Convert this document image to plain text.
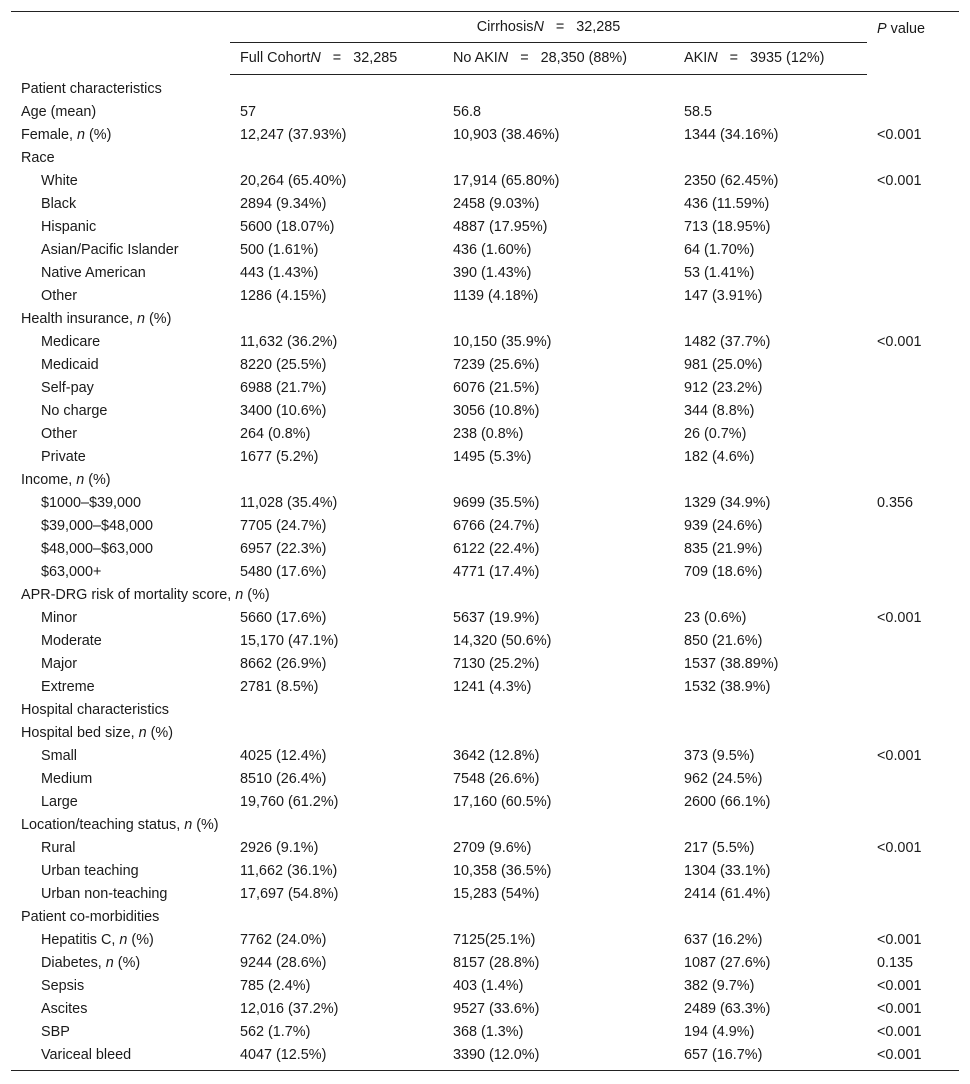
	CirrhosisN = 32,285			P value
	Full CohortN = 32,285	No AKIN = 28,350 (88%)	AKIN = 3935 (12%)	
Patient characteristics				
Age (mean)	57	56.8	58.5	
Female, n (%)	12,247 (37.93%)	10,903 (38.46%)	1344 (34.16%)	<0.001
Race				
White	20,264 (65.40%)	17,914 (65.80%)	2350 (62.45%)	<0.001
Black	2894 (9.34%)	2458 (9.03%)	436 (11.59%)	
Hispanic	5600 (18.07%)	4887 (17.95%)	713 (18.95%)	
Asian/Pacific Islander	500 (1.61%)	436 (1.60%)	64 (1.70%)	
Native American	443 (1.43%)	390 (1.43%)	53 (1.41%)	
Other	1286 (4.15%)	1139 (4.18%)	147 (3.91%)	
Health insurance, n (%)				
Medicare	11,632 (36.2%)	10,150 (35.9%)	1482 (37.7%)	<0.001
Medicaid	8220 (25.5%)	7239 (25.6%)	981 (25.0%)	
Self-pay	6988 (21.7%)	6076 (21.5%)	912 (23.2%)	
No charge	3400 (10.6%)	3056 (10.8%)	344 (8.8%)	
Other	264 (0.8%)	238 (0.8%)	26 (0.7%)	
Private	1677 (5.2%)	1495 (5.3%)	182 (4.6%)	
Income, n (%)				
$1000–$39,000	11,028 (35.4%)	9699 (35.5%)	1329 (34.9%)	0.356
$39,000–$48,000	7705 (24.7%)	6766 (24.7%)	939 (24.6%)	
$48,000–$63,000	6957 (22.3%)	6122 (22.4%)	835 (21.9%)	
$63,000+	5480 (17.6%)	4771 (17.4%)	709 (18.6%)	
APR-DRG risk of mortality score, n (%)				
Minor	5660 (17.6%)	5637 (19.9%)	23 (0.6%)	<0.001
Moderate	15,170 (47.1%)	14,320 (50.6%)	850 (21.6%)	
Major	8662 (26.9%)	7130 (25.2%)	1537 (38.89%)	
Extreme	2781 (8.5%)	1241 (4.3%)	1532 (38.9%)	
Hospital characteristics				
Hospital bed size, n (%)				
Small	4025 (12.4%)	3642 (12.8%)	373 (9.5%)	<0.001
Medium	8510 (26.4%)	7548 (26.6%)	962 (24.5%)	
Large	19,760 (61.2%)	17,160 (60.5%)	2600 (66.1%)	
Location/teaching status, n (%)				
Rural	2926 (9.1%)	2709 (9.6%)	217 (5.5%)	<0.001
Urban teaching	11,662 (36.1%)	10,358 (36.5%)	1304 (33.1%)	
Urban non-teaching	17,697 (54.8%)	15,283 (54%)	2414 (61.4%)	
Patient co-morbidities				
Hepatitis C, n (%)	7762 (24.0%)	7125(25.1%)	637 (16.2%)	<0.001
Diabetes, n (%)	9244 (28.6%)	8157 (28.8%)	1087 (27.6%)	0.135
Sepsis	785 (2.4%)	403 (1.4%)	382 (9.7%)	<0.001
Ascites	12,016 (37.2%)	9527 (33.6%)	2489 (63.3%)	<0.001
SBP	562 (1.7%)	368 (1.3%)	194 (4.9%)	<0.001
Variceal bleed	4047 (12.5%)	3390 (12.0%)	657 (16.7%)	<0.001
